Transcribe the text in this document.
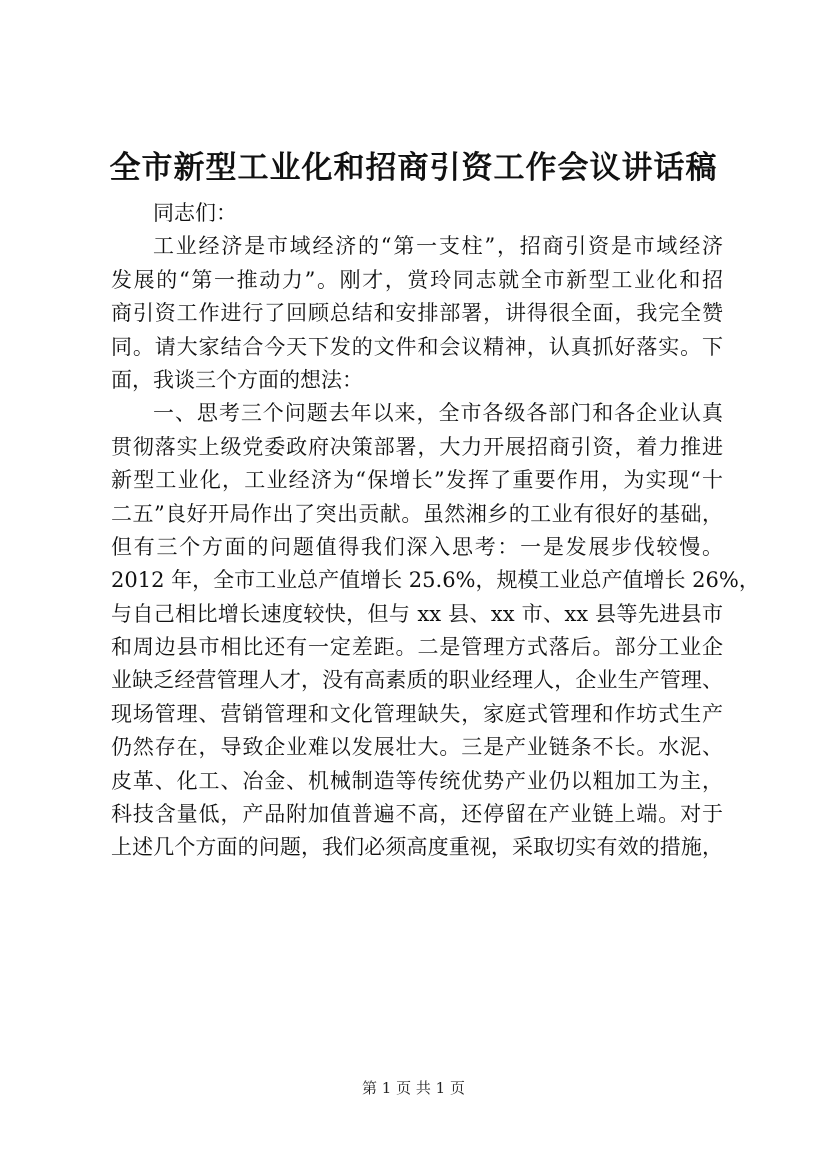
全市新型工业化和招商引资工作会议讲话稿
同志们：
工业经济是市域经济的“第一支柱”，招商引资是市域经济
发展的“第一推动力”。刚才，赏玲同志就全市新型工业化和招
商引资工作进行了回顾总结和安排部署，讲得很全面，我完全赞
同。请大家结合今天下发的文件和会议精神，认真抓好落实。下
面，我谈三个方面的想法：
一、思考三个问题去年以来，全市各级各部门和各企业认真
贯彻落实上级党委政府决策部署，大力开展招商引资，着力推进
新型工业化，工业经济为“保增长”发挥了重要作用，为实现“十
二五”良好开局作出了突出贡献。虽然湘乡的工业有很好的基础，
但有三个方面的问题值得我们深入思考：一是发展步伐较慢。
2012 年，全市工业总产值增长 25.6%，规模工业总产值增长 26%，
与自己相比增长速度较快，但与 xx 县、xx 市、xx 县等先进县市
和周边县市相比还有一定差距。二是管理方式落后。部分工业企
业缺乏经营管理人才，没有高素质的职业经理人，企业生产管理、
现场管理、营销管理和文化管理缺失，家庭式管理和作坊式生产
仍然存在，导致企业难以发展壮大。三是产业链条不长。水泥、
皮革、化工、冶金、机械制造等传统优势产业仍以粗加工为主，
科技含量低，产品附加值普遍不高，还停留在产业链上端。对于
上述几个方面的问题，我们必须高度重视，采取切实有效的措施，
第 1 页 共 1 页
